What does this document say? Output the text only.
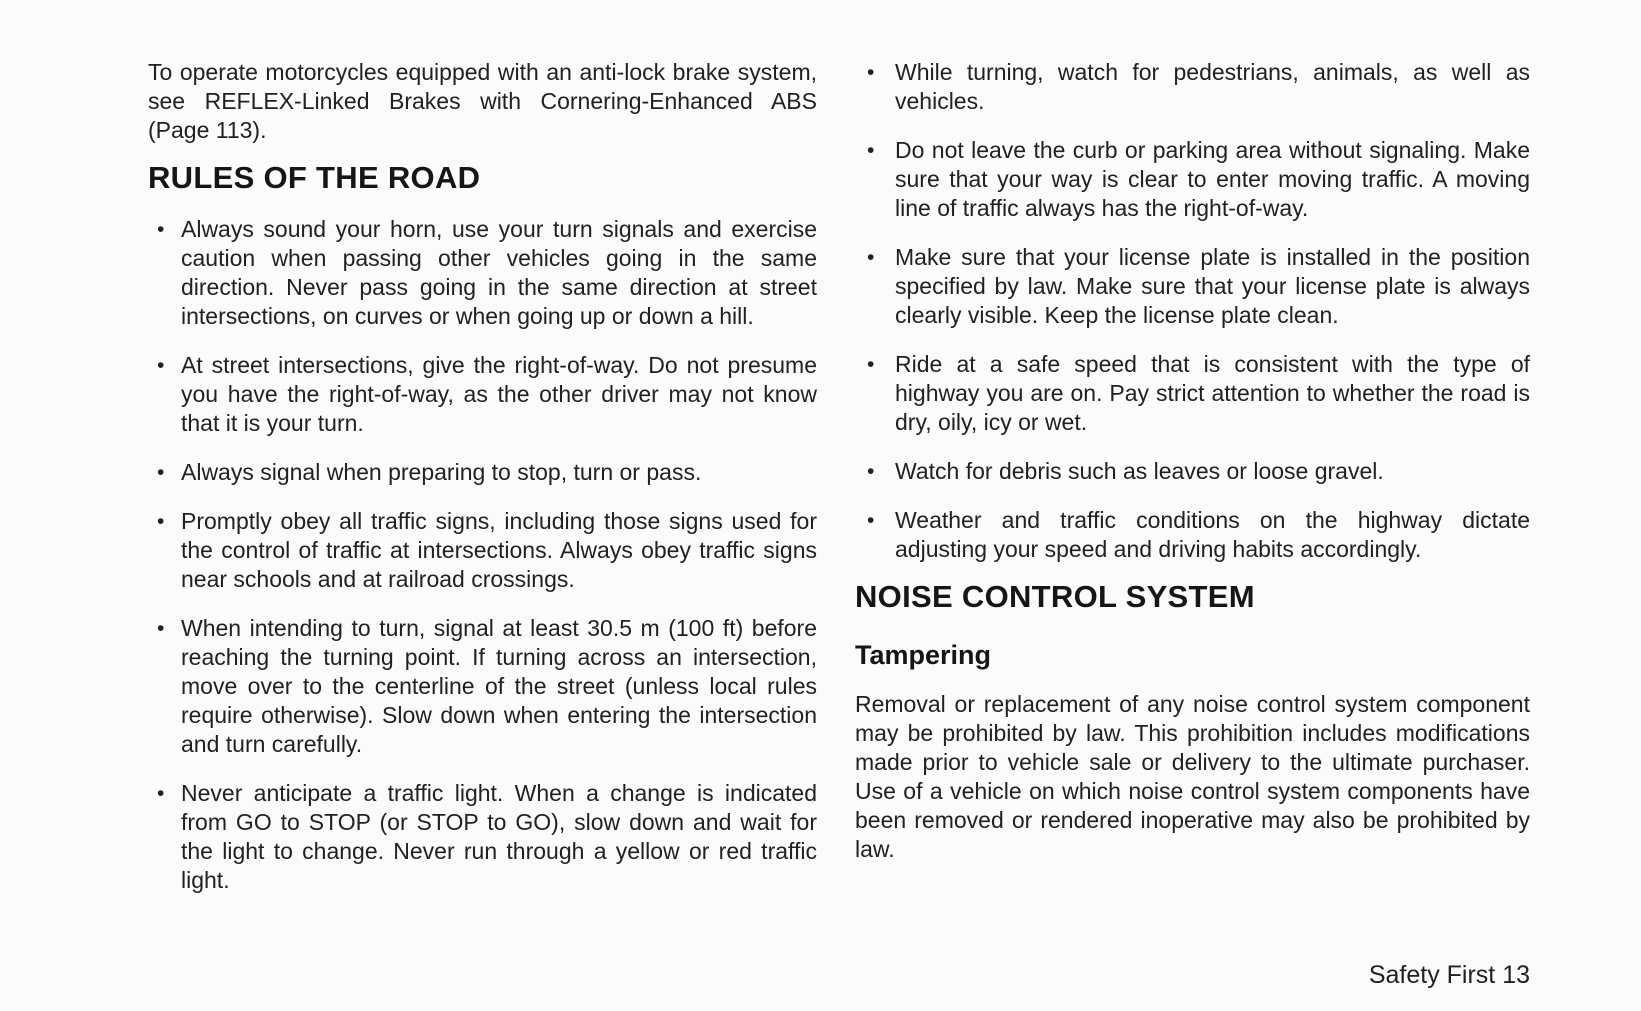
To operate motorcycles equipped with an anti-lock brake system, see REFLEX-Linked Brakes with Cornering-Enhanced ABS (Page 113).

RULES OF THE ROAD
• Always sound your horn, use your turn signals and exercise caution when passing other vehicles going in the same direction. Never pass going in the same direction at street intersections, on curves or when going up or down a hill.
• At street intersections, give the right-of-way. Do not presume you have the right-of-way, as the other driver may not know that it is your turn.
• Always signal when preparing to stop, turn or pass.
• Promptly obey all traffic signs, including those signs used for the control of traffic at intersections. Always obey traffic signs near schools and at railroad crossings.
• When intending to turn, signal at least 30.5 m (100 ft) before reaching the turning point. If turning across an intersection, move over to the centerline of the street (unless local rules require otherwise). Slow down when entering the intersection and turn carefully.
• Never anticipate a traffic light. When a change is indicated from GO to STOP (or STOP to GO), slow down and wait for the light to change. Never run through a yellow or red traffic light.
• While turning, watch for pedestrians, animals, as well as vehicles.
• Do not leave the curb or parking area without signaling. Make sure that your way is clear to enter moving traffic. A moving line of traffic always has the right-of-way.
• Make sure that your license plate is installed in the position specified by law. Make sure that your license plate is always clearly visible. Keep the license plate clean.
• Ride at a safe speed that is consistent with the type of highway you are on. Pay strict attention to whether the road is dry, oily, icy or wet.
• Watch for debris such as leaves or loose gravel.
• Weather and traffic conditions on the highway dictate adjusting your speed and driving habits accordingly.
NOISE CONTROL SYSTEM
Tampering

Removal or replacement of any noise control system component may be prohibited by law. This prohibition includes modifications made prior to vehicle sale or delivery to the ultimate purchaser. Use of a vehicle on which noise control system components have been removed or rendered inoperative may also be prohibited by law.

Safety First 13
